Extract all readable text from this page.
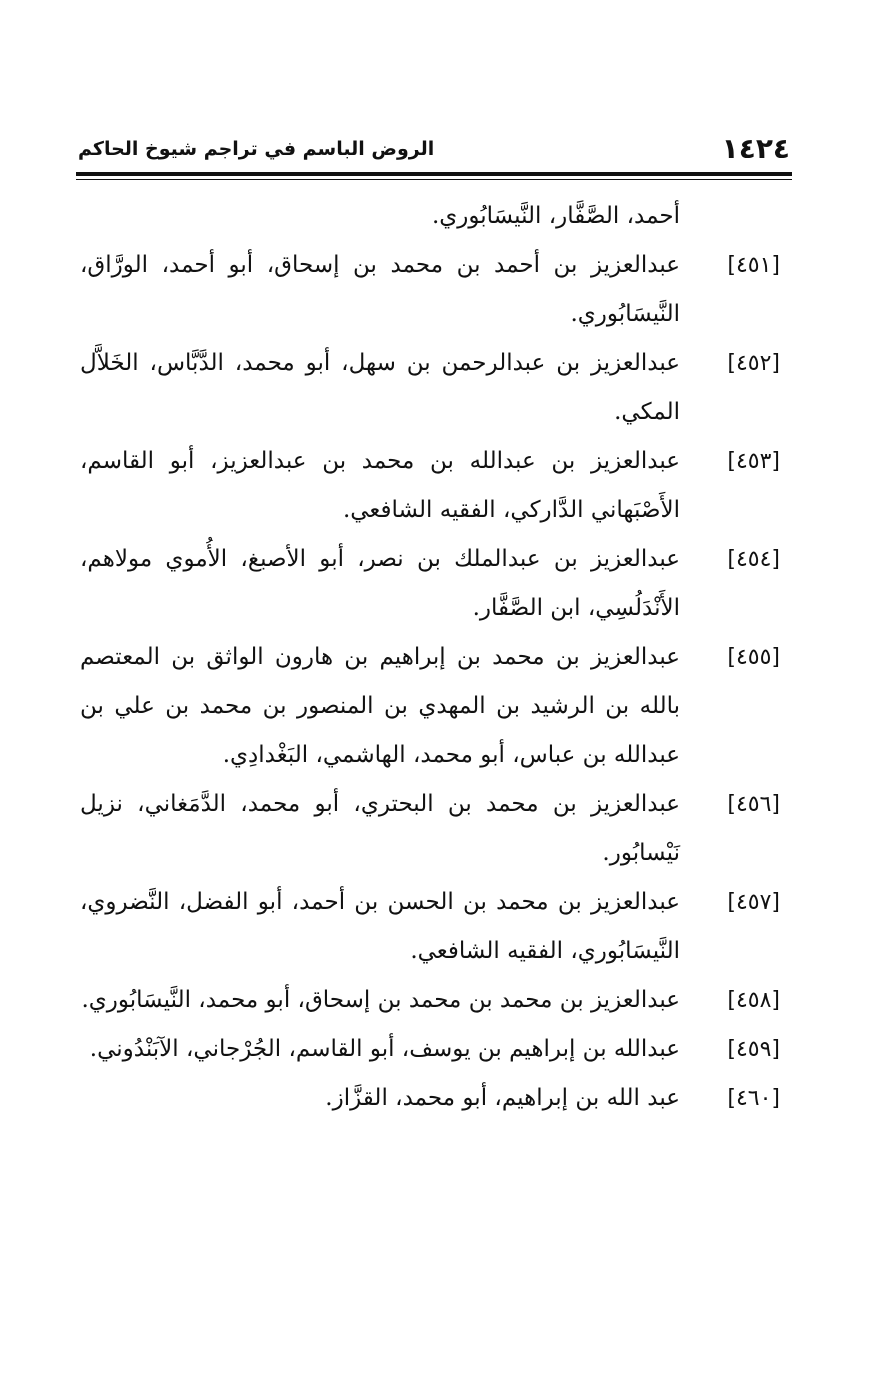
١٤٢٤
الروض الباسم في تراجم شيوخ الحاكم

أحمد، الصَّفَّار، النَّيسَابُوري.

[٤٥١]
عبدالعزيز بن أحمد بن محمد بن إسحاق، أبو أحمد، الورَّاق، النَّيسَابُوري.

[٤٥٢]
عبدالعزيز بن عبدالرحمن بن سهل، أبو محمد، الدَّبَّاس، الخَلاَّل المكي.

[٤٥٣]
عبدالعزيز بن عبدالله بن محمد بن عبدالعزيز، أبو القاسم، الأَصْبَهاني الدَّاركي، الفقيه الشافعي.

[٤٥٤]
عبدالعزيز بن عبدالملك بن نصر، أبو الأصبغ، الأُموي مولاهم، الأَنْدَلُسِي، ابن الصَّفَّار.

[٤٥٥]
عبدالعزيز بن محمد بن إبراهيم بن هارون الواثق بن المعتصم بالله بن الرشيد بن المهدي بن المنصور بن محمد بن علي بن عبدالله بن عباس، أبو محمد، الهاشمي، البَغْدادِي.

[٤٥٦]
عبدالعزيز بن محمد بن البحتري، أبو محمد، الدَّمَغاني، نزيل نَيْسابُور.

[٤٥٧]
عبدالعزيز بن محمد بن الحسن بن أحمد، أبو الفضل، النَّضروي، النَّيسَابُوري، الفقيه الشافعي.

[٤٥٨]
عبدالعزيز بن محمد بن محمد بن إسحاق، أبو محمد، النَّيسَابُوري.

[٤٥٩]
عبدالله بن إبراهيم بن يوسف، أبو القاسم، الجُرْجاني، الآبَنْدُوني.

[٤٦٠]
عبد الله بن إبراهيم، أبو محمد، القزَّاز.
